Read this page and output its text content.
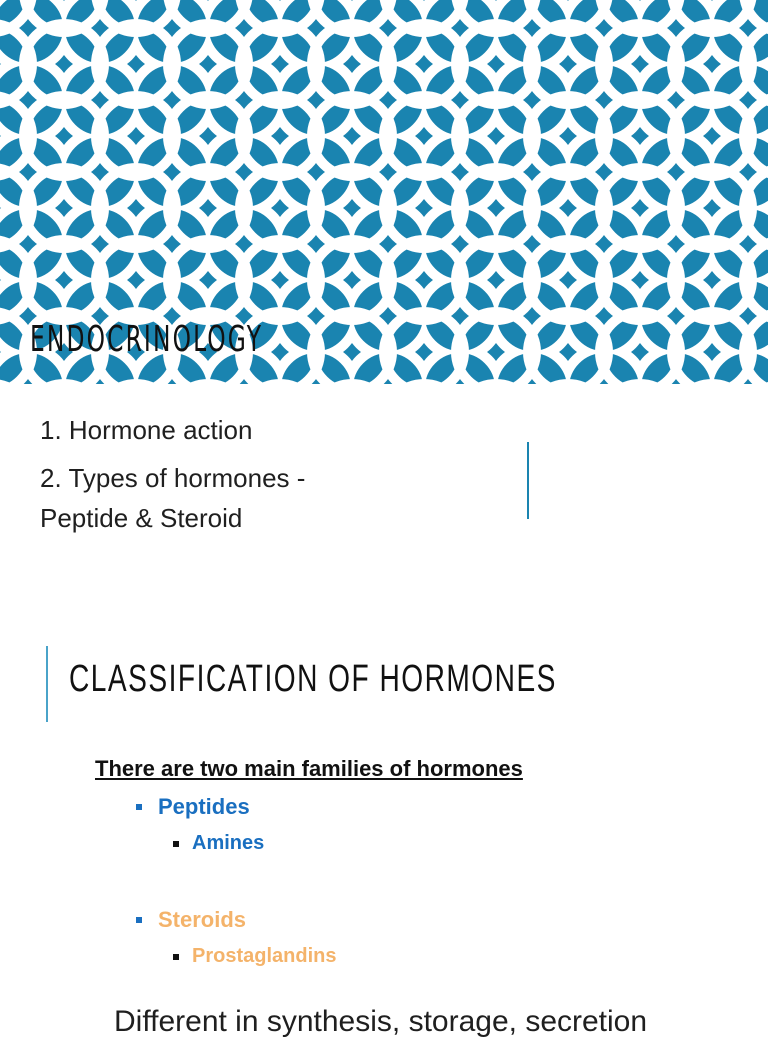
ENDOCRINOLOGY
1. Hormone action
2. Types of hormones - Peptide & Steroid
CLASSIFICATION OF HORMONES
There are two main families of hormones
Peptides
Amines
Steroids
Prostaglandins
Different in synthesis, storage, secretion
